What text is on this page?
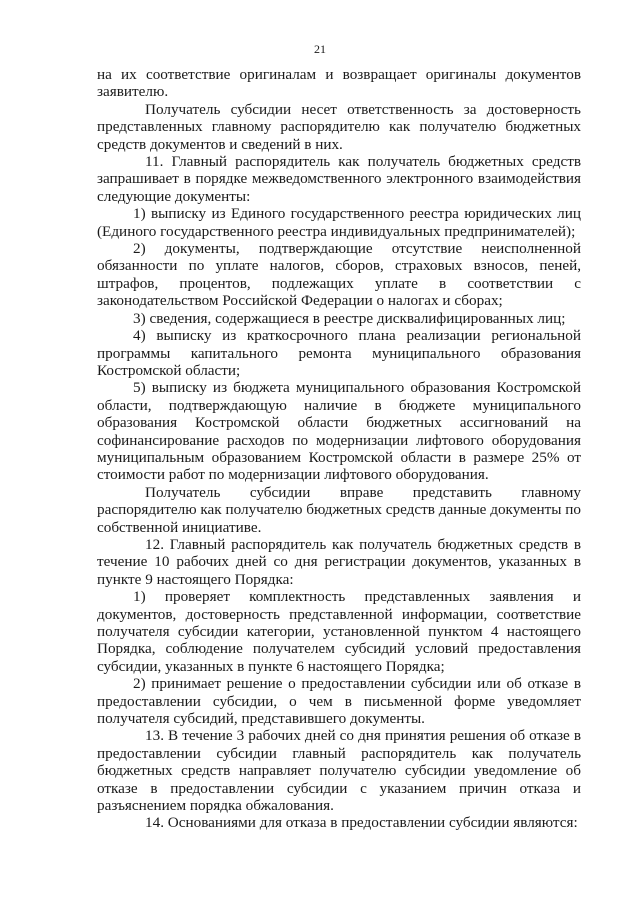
21

на их соответствие оригиналам и возвращает оригиналы документов заявителю.

Получатель субсидии несет ответственность за достоверность представленных главному распорядителю как получателю бюджетных средств документов и сведений в них.

11. Главный распорядитель как получатель бюджетных средств запрашивает в порядке межведомственного электронного взаимодействия следующие документы:

1) выписку из Единого государственного реестра юридических лиц (Единого государственного реестра индивидуальных предпринимателей);

2) документы, подтверждающие отсутствие неисполненной обязанности по уплате налогов, сборов, страховых взносов, пеней, штрафов, процентов, подлежащих уплате в соответствии с законодательством Российской Федерации о налогах и сборах;

3) сведения, содержащиеся в реестре дисквалифицированных лиц;

4) выписку из краткосрочного плана реализации региональной программы капитального ремонта муниципального образования Костромской области;

5) выписку из бюджета муниципального образования Костромской области, подтверждающую наличие в бюджете муниципального образования Костромской области бюджетных ассигнований на софинансирование расходов по модернизации лифтового оборудования муниципальным образованием Костромской области в размере 25% от стоимости работ по модернизации лифтового оборудования.

Получатель субсидии вправе представить главному распорядителю как получателю бюджетных средств данные документы по собственной инициативе.

12. Главный распорядитель как получатель бюджетных средств в течение 10 рабочих дней со дня регистрации документов, указанных в пункте 9 настоящего Порядка:

1) проверяет комплектность представленных заявления и документов, достоверность представленной информации, соответствие получателя субсидии категории, установленной пунктом 4 настоящего Порядка, соблюдение получателем субсидий условий предоставления субсидии, указанных в пункте 6 настоящего Порядка;

2) принимает решение о предоставлении субсидии или об отказе в предоставлении субсидии, о чем в письменной форме уведомляет получателя субсидий, представившего документы.

13. В течение 3 рабочих дней со дня принятия решения об отказе в предоставлении субсидии главный распорядитель как получатель бюджетных средств направляет получателю субсидии уведомление об отказе в предоставлении субсидии с указанием причин отказа и разъяснением порядка обжалования.

14. Основаниями для отказа в предоставлении субсидии являются:
